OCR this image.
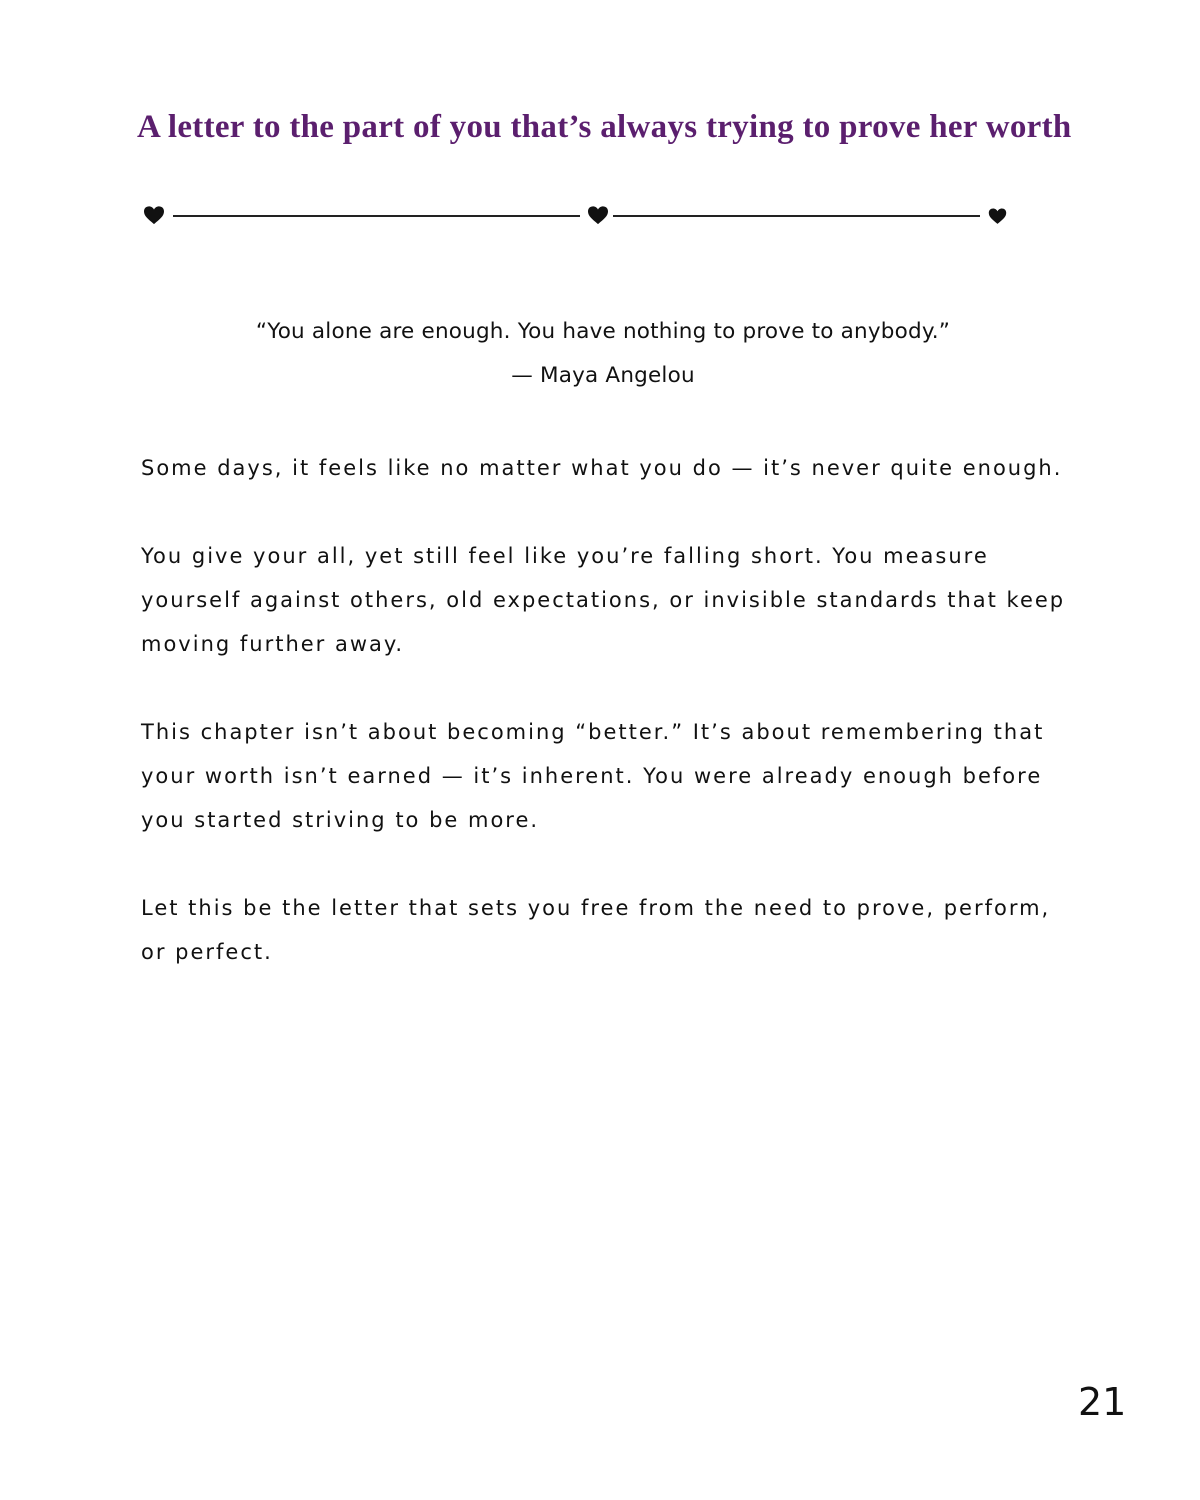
A letter to the part of you that’s always trying to prove her worth
“You alone are enough. You have nothing to prove to anybody.”
— Maya Angelou

Some days, it feels like no matter what you do — it’s never quite enough.

You give your all, yet still feel like you’re falling short. You measure yourself against others, old expectations, or invisible standards that keep moving further away.

This chapter isn’t about becoming “better.” It’s about remembering that your worth isn’t earned — it’s inherent. You were already enough before you started striving to be more.

Let this be the letter that sets you free from the need to prove, perform, or perfect.

21
